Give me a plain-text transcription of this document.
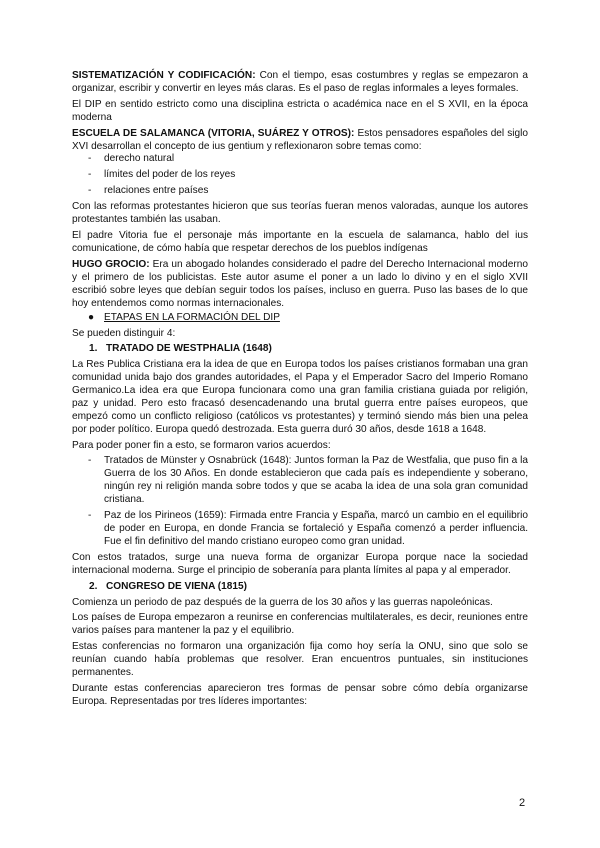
SISTEMATIZACIÓN Y CODIFICACIÓN: Con el tiempo, esas costumbres y reglas se empezaron a organizar, escribir y convertir en leyes más claras. Es el paso de reglas informales a leyes formales.

El DIP en sentido estricto como una disciplina estricta o académica nace en el S XVII, en la época moderna

ESCUELA DE SALAMANCA (VITORIA, SUÁREZ Y OTROS): Estos pensadores españoles del siglo XVI desarrollan el concepto de ius gentium y reflexionaron sobre temas como:

- derecho natural
- límites del poder de los reyes
- relaciones entre países

Con las reformas protestantes hicieron que sus teorías fueran menos valoradas, aunque los autores protestantes también las usaban.

El padre Vitoria fue el personaje más importante en la escuela de salamanca, hablo del ius comunicatione, de cómo había que respetar derechos de los pueblos indígenas

HUGO GROCIO: Era un abogado holandes considerado el padre del Derecho Internacional moderno y el primero de los publicistas. Este autor asume el poner a un lado lo divino y en el siglo XVII escribió sobre leyes que debían seguir todos los países, incluso en guerra. Puso las bases de lo que hoy entendemos como normas internacionales.

● ETAPAS EN LA FORMACIÓN DEL DIP

Se pueden distinguir 4:

1. TRATADO DE WESTPHALIA (1648)

La Res Publica Cristiana era la idea de que en Europa todos los países cristianos formaban una gran comunidad unida bajo dos grandes autoridades, el Papa y el Emperador Sacro del Imperio Romano Germanico.La idea era que Europa funcionara como una gran familia cristiana guiada por religión, paz y unidad. Pero esto fracasó desencadenando una brutal guerra entre países europeos, que empezó como un conflicto religioso (católicos vs protestantes) y terminó siendo más bien una pelea por poder político. Europa quedó destrozada. Esta guerra duró 30 años, desde 1618 a 1648.

Para poder poner fin a esto, se formaron varios acuerdos:

- Tratados de Münster y Osnabrück (1648): Juntos forman la Paz de Westfalia, que puso fin a la Guerra de los 30 Años. En donde establecieron que cada país es independiente y soberano, ningún rey ni religión manda sobre todos y que se acaba la idea de una sola gran comunidad cristiana.
- Paz de los Pirineos (1659): Firmada entre Francia y España, marcó un cambio en el equilibrio de poder en Europa, en donde Francia se fortaleció y España comenzó a perder influencia. Fue el fin definitivo del mando cristiano europeo como gran unidad.

Con estos tratados, surge una nueva forma de organizar Europa porque nace la sociedad internacional moderna. Surge el principio de soberanía para planta límites al papa y al emperador.

2. CONGRESO DE VIENA (1815)

Comienza un periodo de paz después de la guerra de los 30 años y las guerras napoleónicas.

Los países de Europa empezaron a reunirse en conferencias multilaterales, es decir, reuniones entre varios países para mantener la paz y el equilibrio.

Estas conferencias no formaron una organización fija como hoy sería la ONU, sino que solo se reunían cuando había problemas que resolver. Eran encuentros puntuales, sin instituciones permanentes.

Durante estas conferencias aparecieron tres formas de pensar sobre cómo debía organizarse Europa. Representadas por tres líderes importantes:

2
